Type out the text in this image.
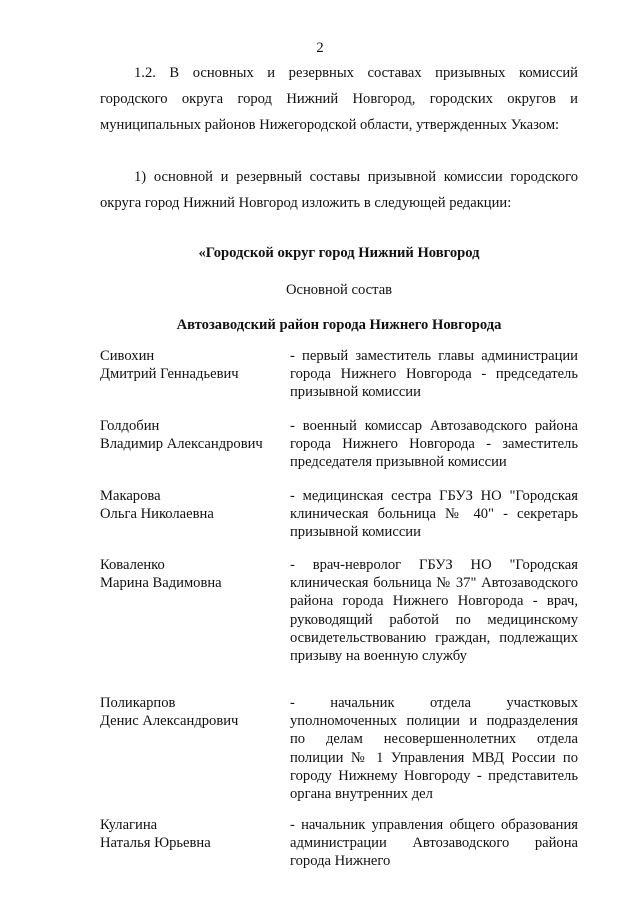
2

1.2. В основных и резервных составах призывных комиссий городского округа город Нижний Новгород, городских округов и муниципальных районов Нижегородской области, утвержденных Указом:

1) основной и резервный составы призывной комиссии городского округа город Нижний Новгород изложить в следующей редакции:

«Городской округ город Нижний Новгород
Основной состав
Автозаводский район города Нижнего Новгорода
Сивохин
Дмитрий Геннадьевич
- первый заместитель главы администрации города Нижнего Новгорода - председатель призывной комиссии
Голдобин
Владимир Александрович
- военный комиссар Автозаводского района города Нижнего Новгорода - заместитель председателя призывной комиссии
Макарова
Ольга Николаевна
- медицинская сестра ГБУЗ НО "Городская клиническая больница № 40" - секретарь призывной комиссии
Коваленко
Марина Вадимовна
- врач-невролог ГБУЗ НО "Городская клиническая больница № 37" Автозаводского района города Нижнего Новгорода - врач, руководящий работой по медицинскому освидетельствованию граждан, подлежащих призыву на военную службу
Поликарпов
Денис Александрович
- начальник отдела участковых уполномоченных полиции и подразделения по делам несовершеннолетних отдела полиции № 1 Управления МВД России по городу Нижнему Новгороду - представитель органа внутренних дел
Кулагина
Наталья Юрьевна
- начальник управления общего образования администрации Автозаводского района города Нижнего
